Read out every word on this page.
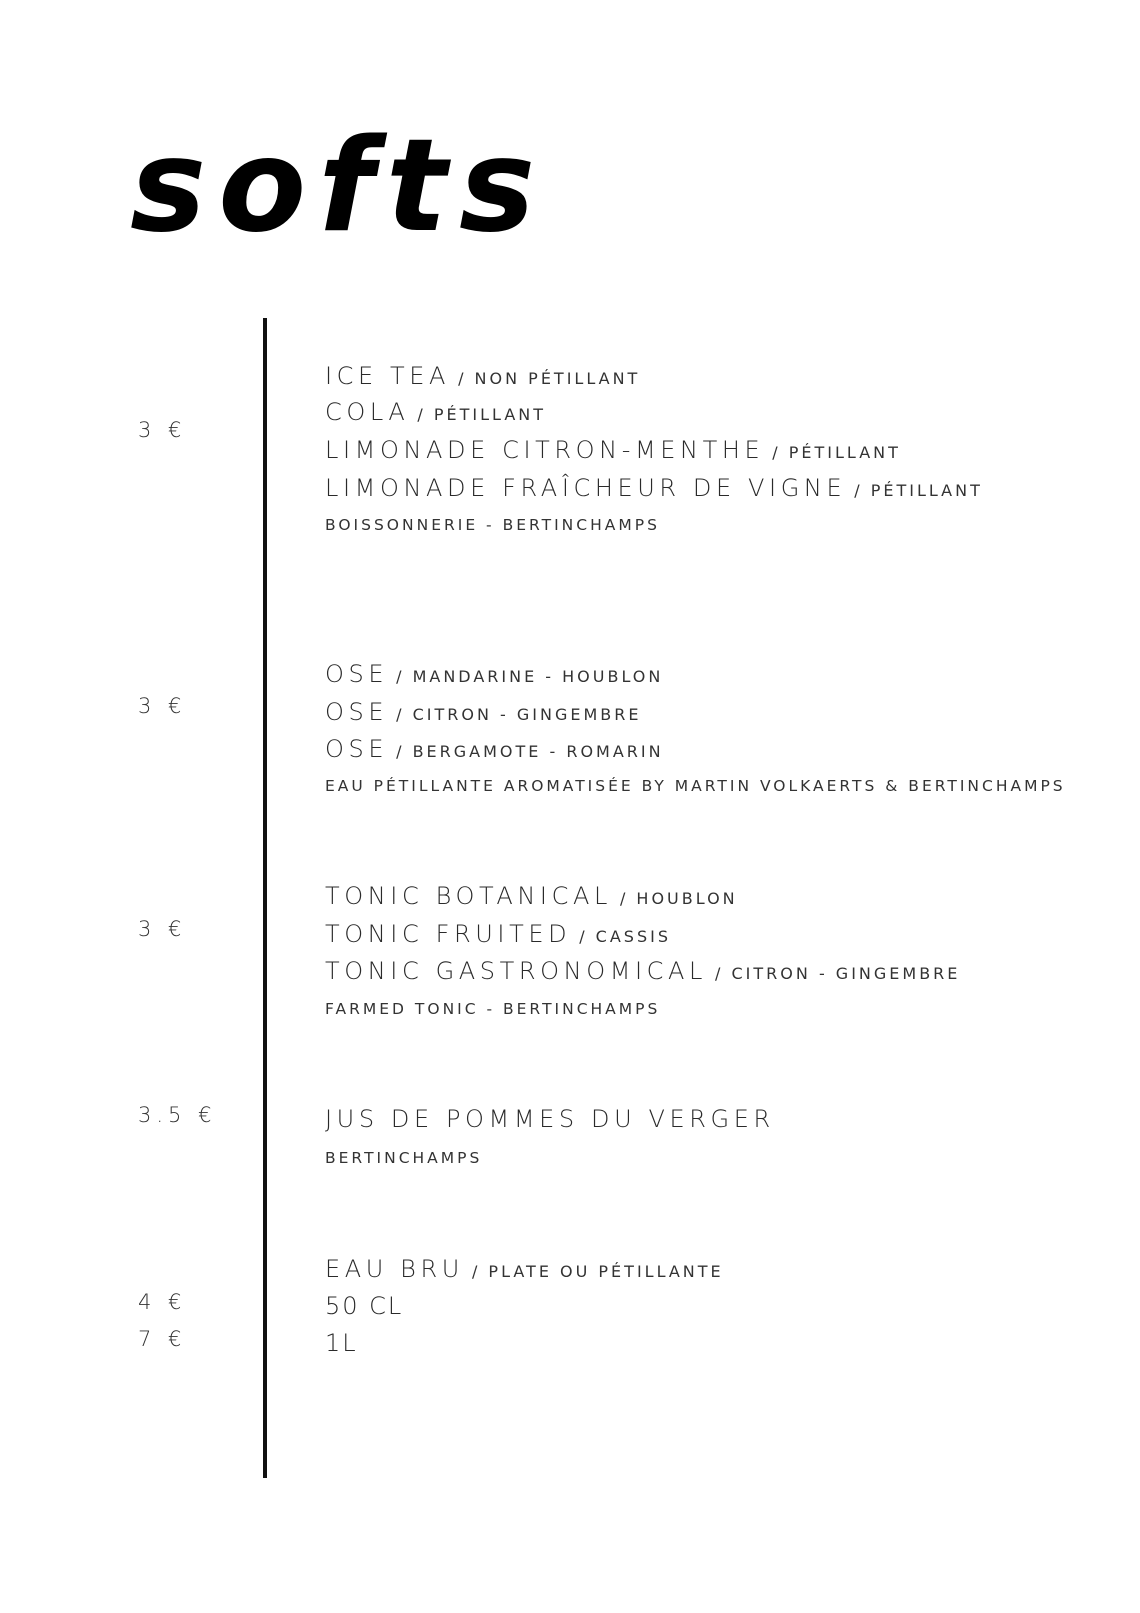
softs
3 €
ICE TEA / NON PÉTILLANT
COLA / PÉTILLANT
LIMONADE CITRON-MENTHE / PÉTILLANT
LIMONADE FRAÎCHEUR DE VIGNE / PÉTILLANT
BOISSONNERIE - BERTINCHAMPS
3 €
OSE / MANDARINE - HOUBLON
OSE / CITRON - GINGEMBRE
OSE / BERGAMOTE - ROMARIN
EAU PÉTILLANTE AROMATISÉE BY MARTIN VOLKAERTS & BERTINCHAMPS
3 €
TONIC BOTANICAL / HOUBLON
TONIC FRUITED / CASSIS
TONIC GASTRONOMICAL / CITRON - GINGEMBRE
FARMED TONIC - BERTINCHAMPS
3.5 €	JUS DE POMMES DU VERGER
BERTINCHAMPS
4 €
7 €
EAU BRU / PLATE OU PÉTILLANTE
50 CL
1L
